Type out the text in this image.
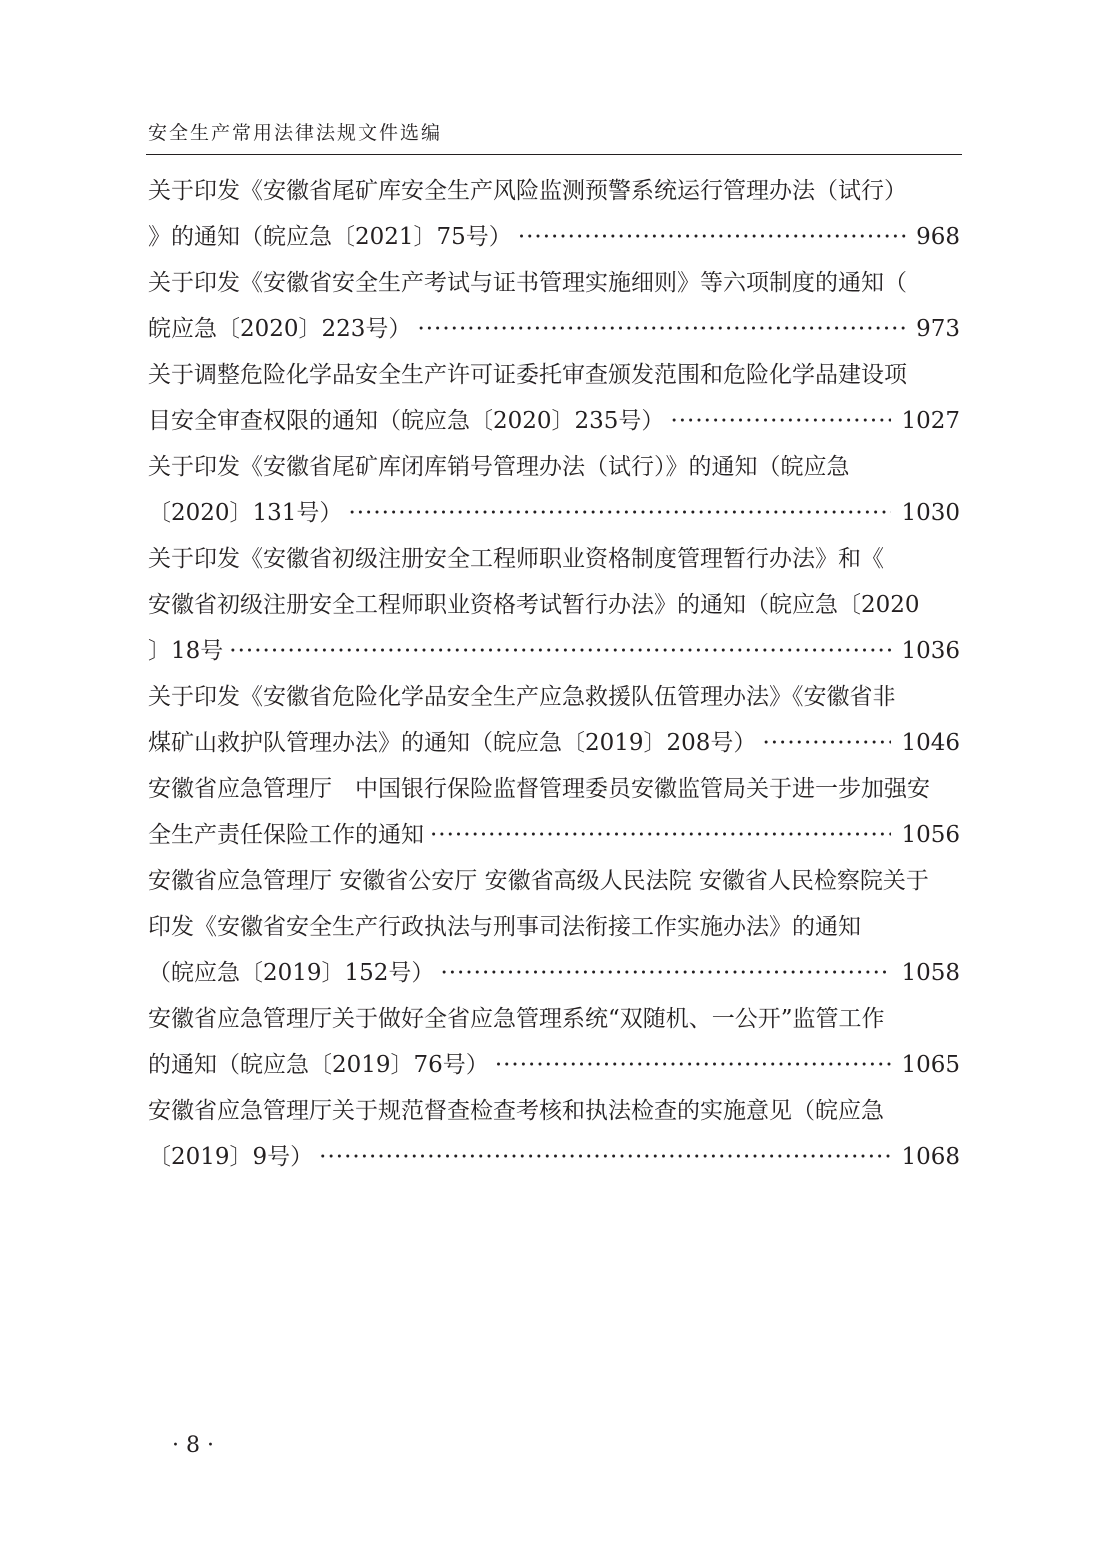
安全生产常用法律法规文件选编
关于印发《安徽省尾矿库安全生产风险监测预警系统运行管理办法（试行）
》的通知（皖应急〔2021〕75号） ·····	968
关于印发《安徽省安全生产考试与证书管理实施细则》等六项制度的通知（
皖应急〔2020〕223号） ·····	973
关于调整危险化学品安全生产许可证委托审查颁发范围和危险化学品建设项
目安全审查权限的通知（皖应急〔2020〕235号） ·····	1027
关于印发《安徽省尾矿库闭库销号管理办法（试行）》的通知（皖应急
〔2020〕131号） ·····	1030
关于印发《安徽省初级注册安全工程师职业资格制度管理暂行办法》和《
安徽省初级注册安全工程师职业资格考试暂行办法》的通知（皖应急〔2020
〕18号 ·····	1036
关于印发《安徽省危险化学品安全生产应急救援队伍管理办法》《安徽省非
煤矿山救护队管理办法》的通知（皖应急〔2019〕208号） ·····	1046
安徽省应急管理厅　中国银行保险监督管理委员安徽监管局关于进一步加强安
全生产责任保险工作的通知 ·····	1056
安徽省应急管理厅 安徽省公安厅 安徽省高级人民法院 安徽省人民检察院关于
印发《安徽省安全生产行政执法与刑事司法衔接工作实施办法》的通知
（皖应急〔2019〕152号） ·····	1058
安徽省应急管理厅关于做好全省应急管理系统“双随机、一公开”监管工作
的通知（皖应急〔2019〕76号） ·····	1065
安徽省应急管理厅关于规范督查检查考核和执法检查的实施意见（皖应急
〔2019〕9号） ·····	1068
· 8 ·
